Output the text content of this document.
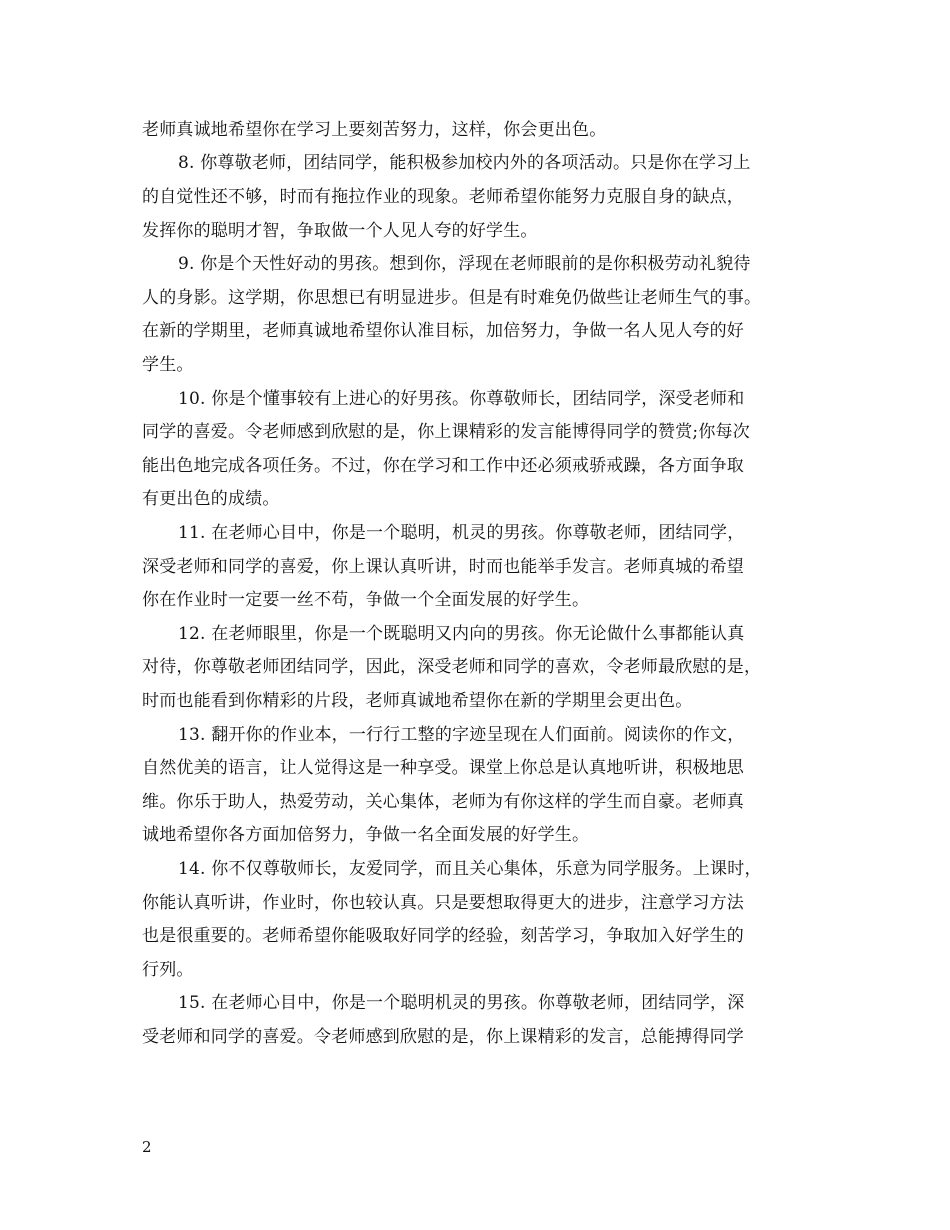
老师真诚地希望你在学习上要刻苦努力，这样，你会更出色。
8. 你尊敬老师，团结同学，能积极参加校内外的各项活动。只是你在学习上
的自觉性还不够，时而有拖拉作业的现象。老师希望你能努力克服自身的缺点，
发挥你的聪明才智，争取做一个人见人夸的好学生。
9. 你是个天性好动的男孩。想到你，浮现在老师眼前的是你积极劳动礼貌待
人的身影。这学期，你思想已有明显进步。但是有时难免仍做些让老师生气的事。
在新的学期里，老师真诚地希望你认准目标，加倍努力，争做一名人见人夸的好
学生。
10. 你是个懂事较有上进心的好男孩。你尊敬师长，团结同学，深受老师和
同学的喜爱。令老师感到欣慰的是，你上课精彩的发言能博得同学的赞赏;你每次
能出色地完成各项任务。不过，你在学习和工作中还必须戒骄戒躁，各方面争取
有更出色的成绩。
11. 在老师心目中，你是一个聪明，机灵的男孩。你尊敬老师，团结同学，
深受老师和同学的喜爱，你上课认真听讲，时而也能举手发言。老师真城的希望
你在作业时一定要一丝不苟，争做一个全面发展的好学生。
12. 在老师眼里，你是一个既聪明又内向的男孩。你无论做什么事都能认真
对待，你尊敬老师团结同学，因此，深受老师和同学的喜欢，令老师最欣慰的是，
时而也能看到你精彩的片段，老师真诚地希望你在新的学期里会更出色。
13. 翻开你的作业本，一行行工整的字迹呈现在人们面前。阅读你的作文，
自然优美的语言，让人觉得这是一种享受。课堂上你总是认真地听讲，积极地思
维。你乐于助人，热爱劳动，关心集体，老师为有你这样的学生而自豪。老师真
诚地希望你各方面加倍努力，争做一名全面发展的好学生。
14. 你不仅尊敬师长，友爱同学，而且关心集体，乐意为同学服务。上课时，
你能认真听讲，作业时，你也较认真。只是要想取得更大的进步，注意学习方法
也是很重要的。老师希望你能吸取好同学的经验，刻苦学习，争取加入好学生的
行列。
15. 在老师心目中，你是一个聪明机灵的男孩。你尊敬老师，团结同学，深
受老师和同学的喜爱。令老师感到欣慰的是，你上课精彩的发言，总能搏得同学
2
